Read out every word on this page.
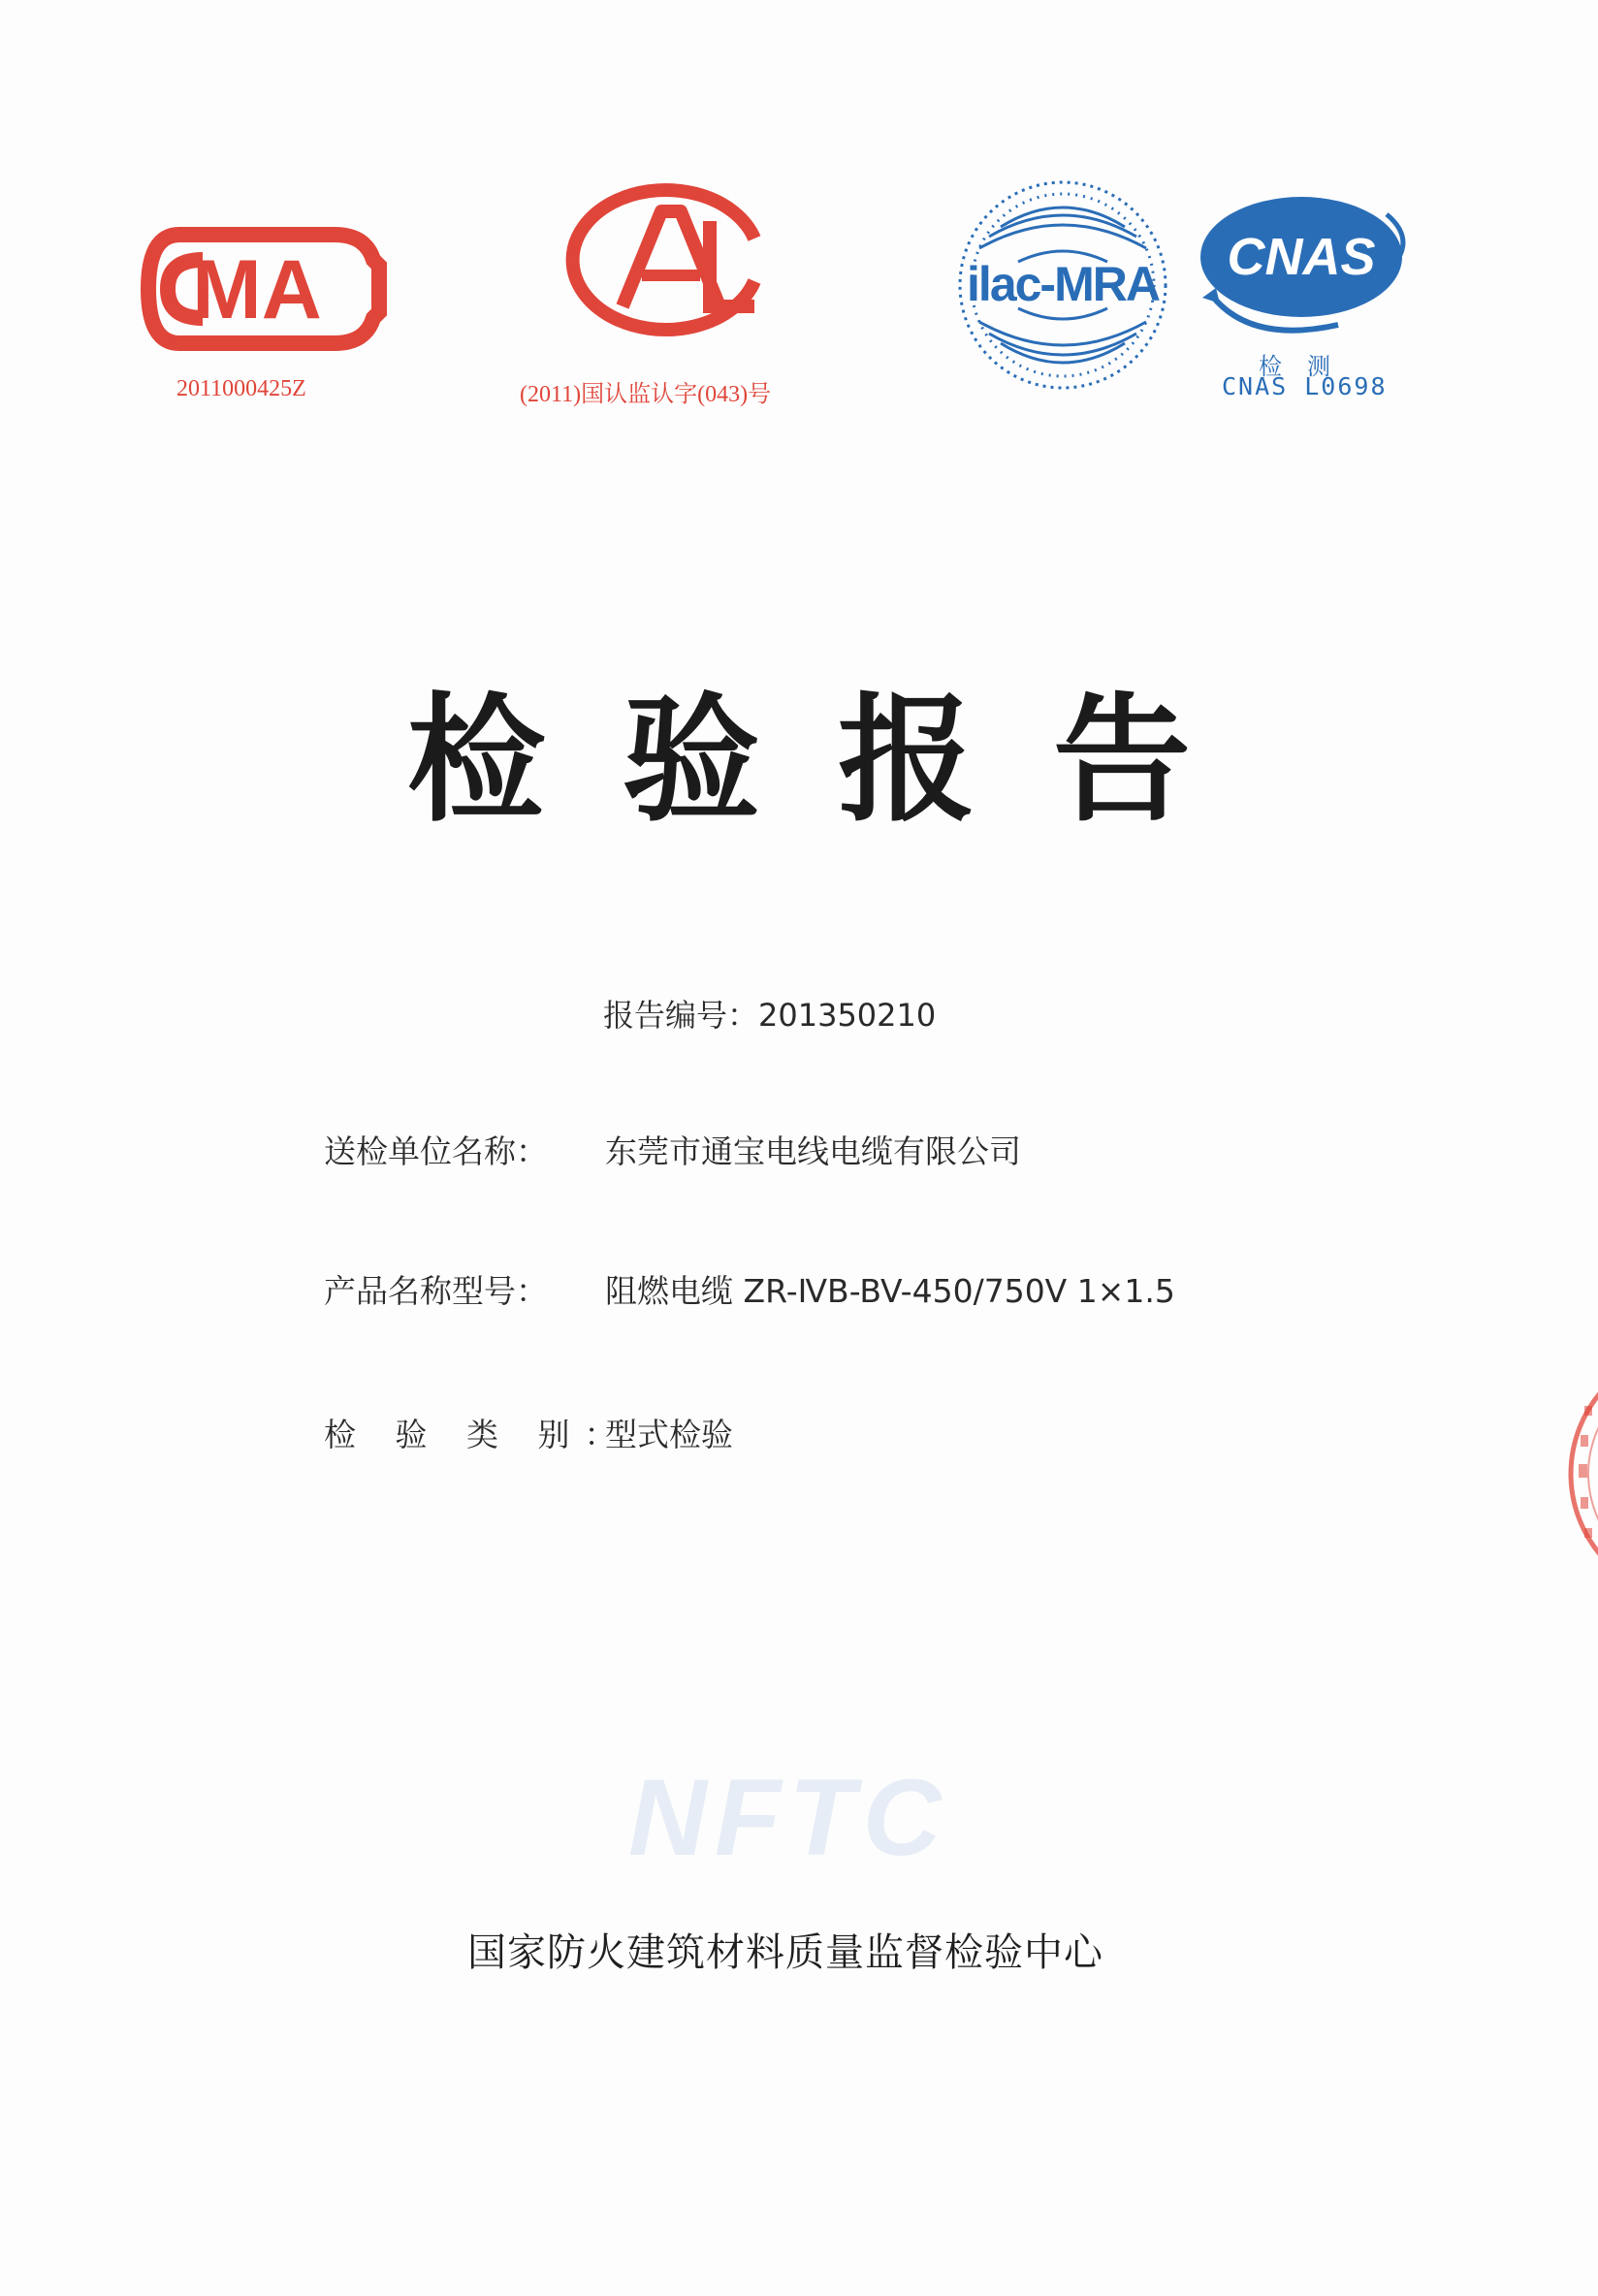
MA
2011000425Z	(2011)国认监认字(043)号
ilac-MRA CNAS
检测
CNAS L0698
检验报告
报告编号：201350210
送检单位名称： 东莞市通宝电线电缆有限公司
产品名称型号： 阻燃电缆 ZR-ⅣB-BV-450/750V 1×1.5
检 验 类 别：型式检验
NFTC
国家防火建筑材料质量监督检验中心
